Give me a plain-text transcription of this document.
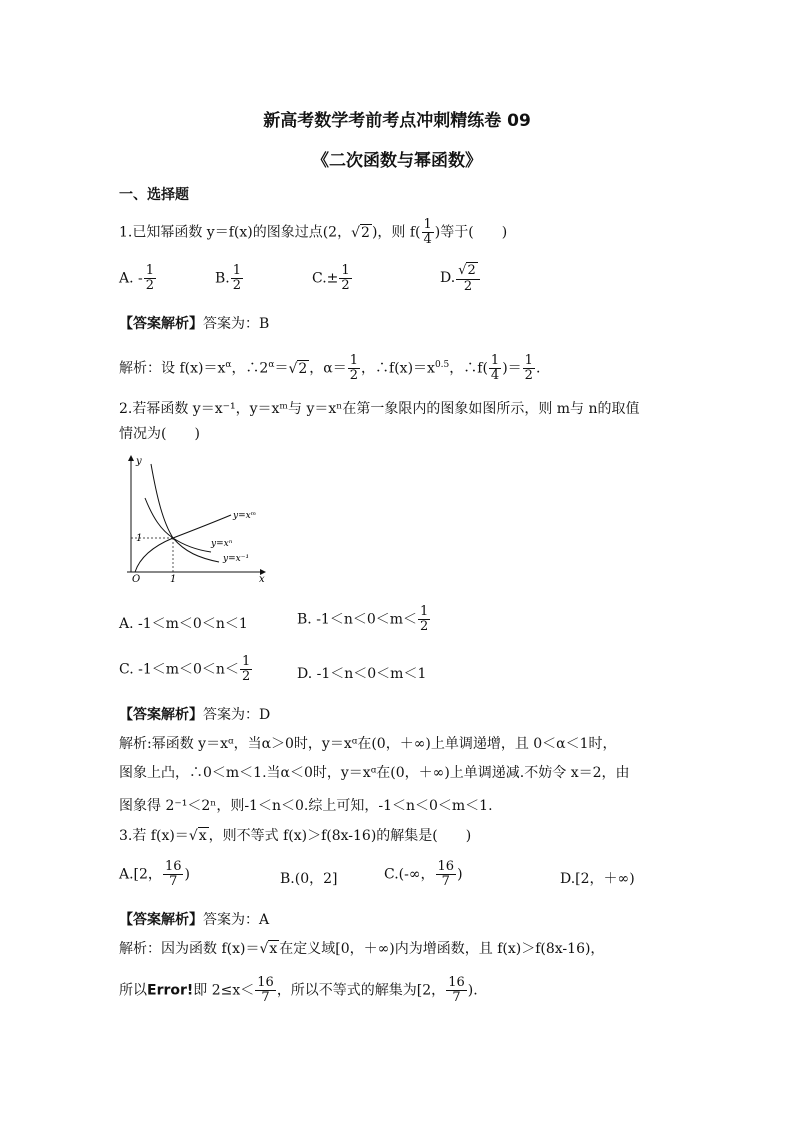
新高考数学考前考点冲刺精练卷 09
《二次函数与幂函数》
一、选择题
1.已知幂函数 y＝f(x)的图象过点(2，√2 )，则 $f( \frac{1}{4}$ )等于(　　)
A. - $\frac{1}{2}$	B. $\frac{1}{2}$	$C.\pm \frac{1}{2}$	D. $\frac{√2}{2}$
【答案解析】答案为：B
解析：设 $f(x)=x^\alpha$，$\therefore 2^\alpha=√2$ ，$\alpha= \frac{1}{2}$ ，$\therefore f(x)=x^{0.5}$，∴f( $\frac{1}{4}$ )＝ $\frac{1}{2}$ .
2.若幂函数 y＝x⁻¹，y＝xᵐ与 y＝xⁿ在第一象限内的图象如图所示，则 m与 n的取值
情况为(　　)
y
x
O	1
1
y=xᵐ
y=xⁿ
y=x⁻¹
A. -1＜m＜0＜n＜1	B. $-1<n<0<m< \frac{1}{2}$
C. $-1<m<0<n< \frac{1}{2}$	D. -1＜n＜0＜m＜1
【答案解析】答案为：D
解析:幂函数 y＝xᵅ，当α＞0时，y＝xᵅ在(0，＋∞)上单调递增，且 0＜α＜1时，
图象上凸，∴0＜m＜1.当α＜0时，y＝xᵅ在(0，＋∞)上单调递减.不妨令 x＝2，由
图象得 2⁻¹＜2ⁿ，则-1＜n＜0.综上可知，-1＜n＜0＜m＜1.
3.若 f(x)＝√x ，则不等式 f(x)＞f(8x-16)的解集是(　　)
A.[2， $\frac{16}{7}$ )	B.(0，2]	C.(-∞， $\frac{16}{7}$ )	D.[2，＋∞)
【答案解析】答案为：A
解析：因为函数 f(x)＝√x 在定义域[0，＋∞)内为增函数，且 f(x)＞f(8x-16)，
所以Error!即 $2\le x< \frac{16}{7}$ ，所以不等式的解集为[2， $\frac{16}{7}$ ).
